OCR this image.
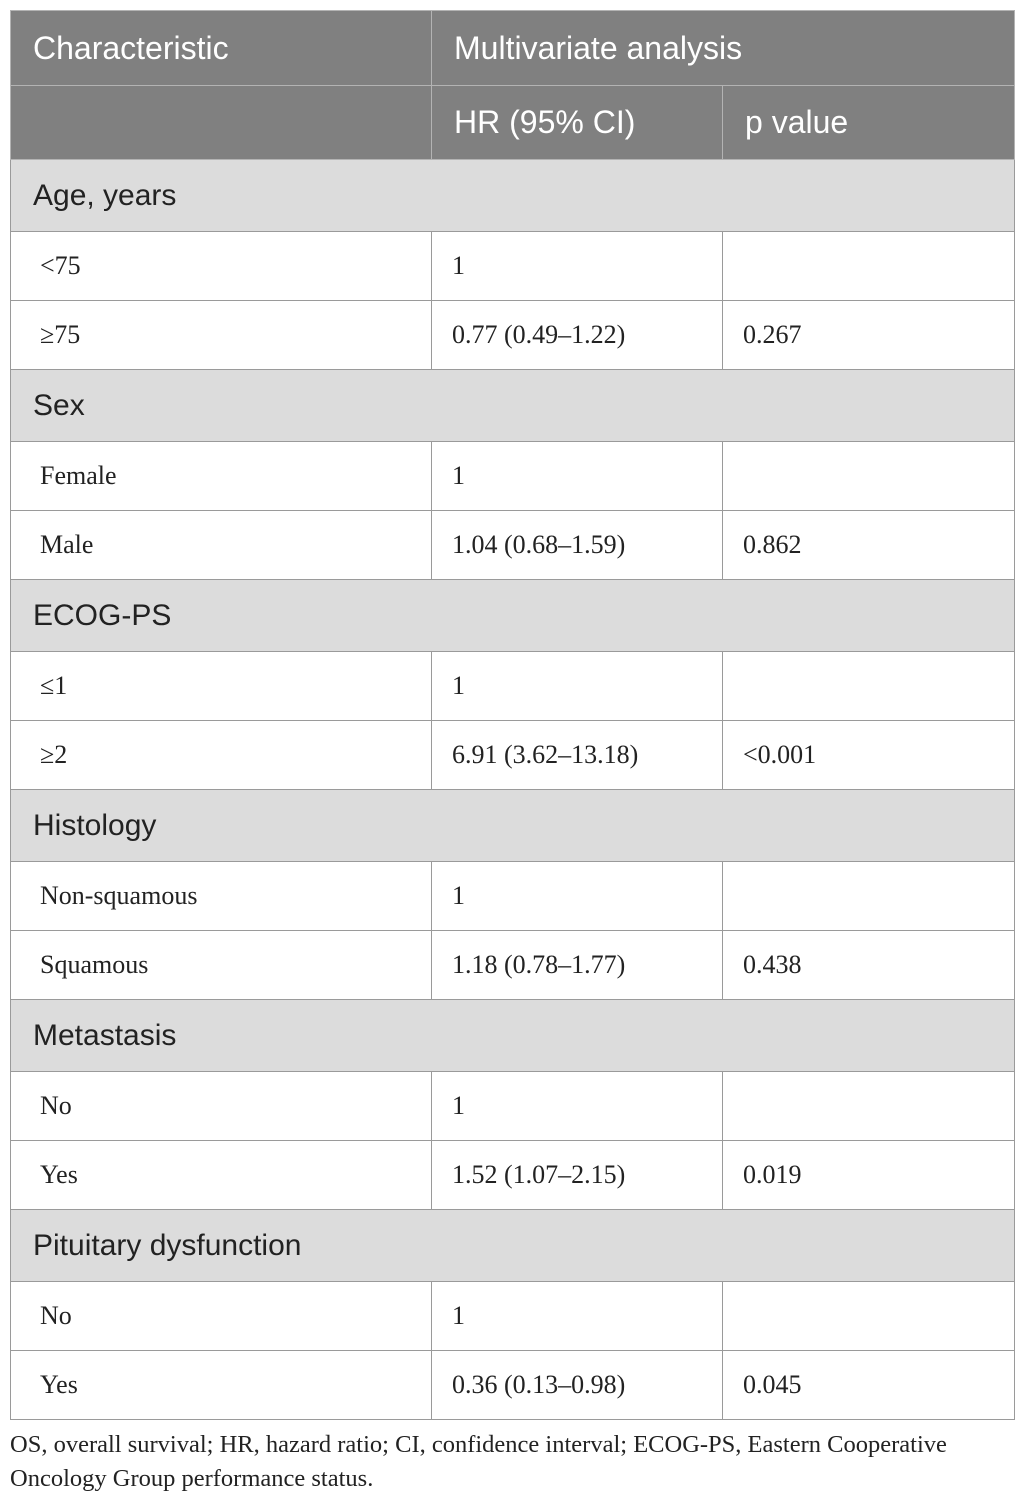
Characteristic	Multivariate analysis	
	HR (95% CI)	p value
Age, years		
<75	1	
≥75	0.77 (0.49–1.22)	0.267
Sex		
Female	1	
Male	1.04 (0.68–1.59)	0.862
ECOG-PS		
≤1	1	
≥2	6.91 (3.62–13.18)	<0.001
Histology		
Non-squamous	1	
Squamous	1.18 (0.78–1.77)	0.438
Metastasis		
No	1	
Yes	1.52 (1.07–2.15)	0.019
Pituitary dysfunction		
No	1	
Yes	0.36 (0.13–0.98)	0.045
OS, overall survival; HR, hazard ratio; CI, confidence interval; ECOG-PS, Eastern Cooperative Oncology Group performance status.
